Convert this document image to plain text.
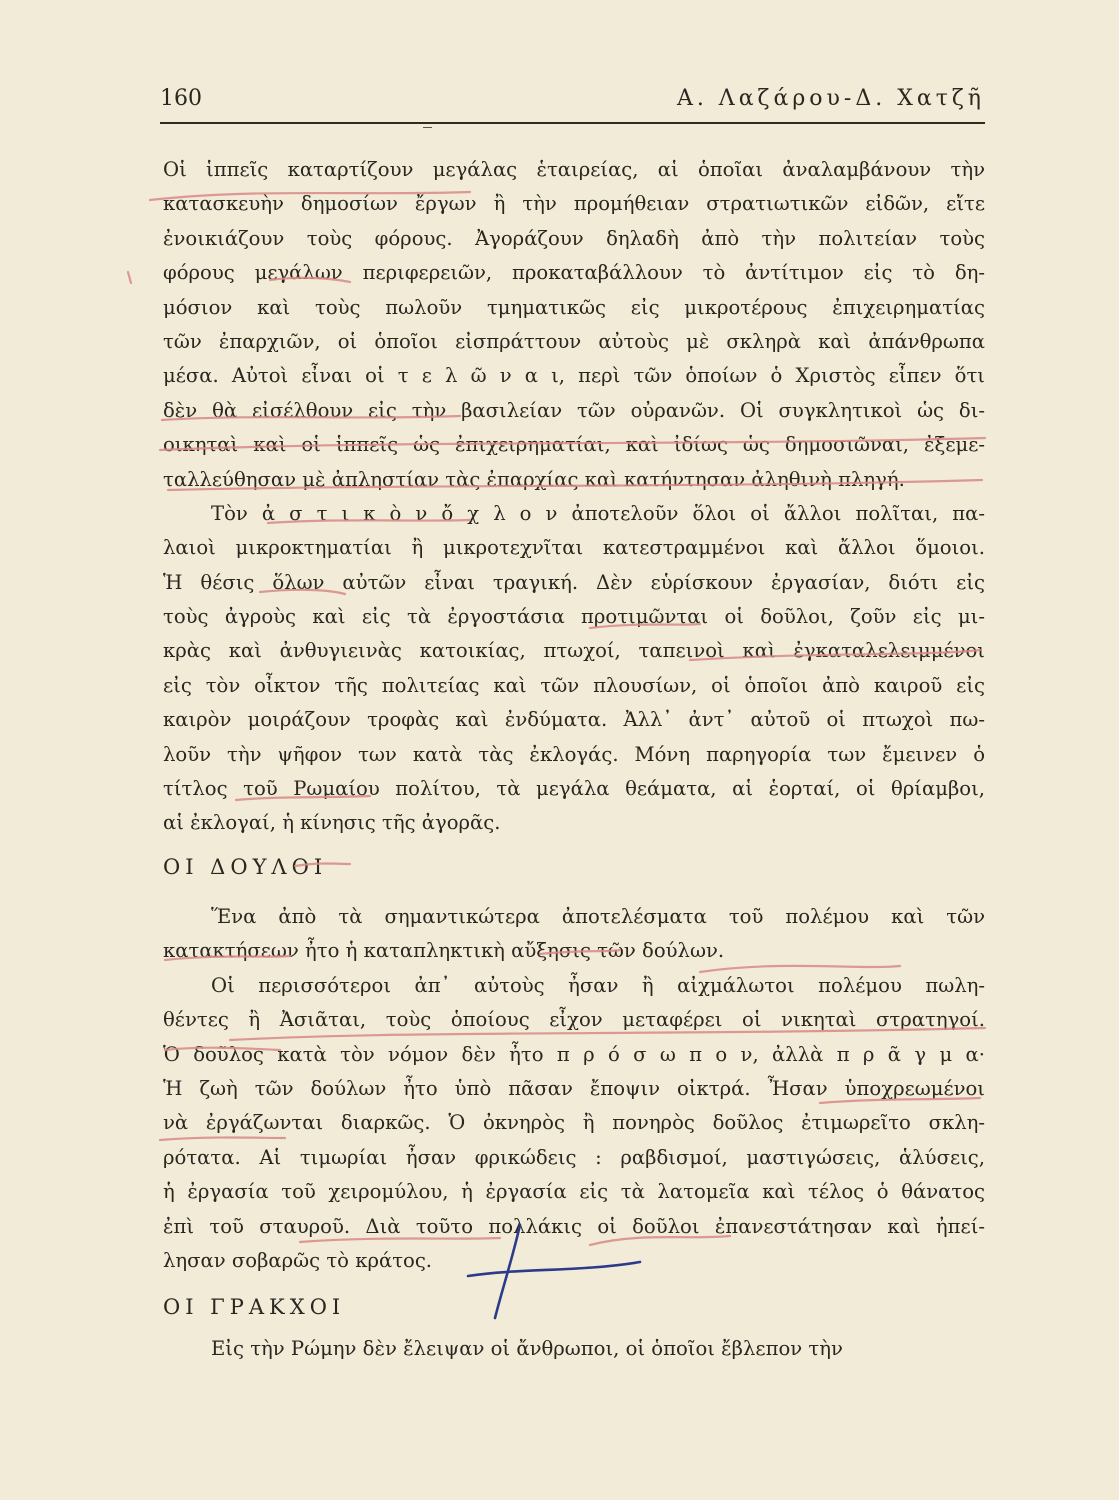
160	Α. Λαζάρου-Δ. Χατζῆ
Οἱ ἱππεῖς καταρτίζουν μεγάλας ἑταιρείας, αἱ ὁποῖαι ἀναλαμβάνουν τὴν
κατασκευὴν δημοσίων ἔργων ἢ τὴν προμήθειαν στρατιωτικῶν εἰδῶν, εἴτε
ἐνοικιάζουν τοὺς φόρους. Ἀγοράζουν δηλαδὴ ἀπὸ τὴν πολιτείαν τοὺς
φόρους μεγάλων περιφερειῶν, προκαταβάλλουν τὸ ἀντίτιμον εἰς τὸ δη-
μόσιον καὶ τοὺς πωλοῦν τμηματικῶς εἰς μικροτέρους ἐπιχειρηματίας
τῶν ἐπαρχιῶν, οἱ ὁποῖοι εἰσπράττουν αὐτοὺς μὲ σκληρὰ καὶ ἀπάνθρωπα
μέσα. Αὐτοὶ εἶναι οἱ τ ε λ ῶ ν α ι, περὶ τῶν ὁποίων ὁ Χριστὸς εἶπεν ὅτι
δὲν θὰ εἰσέλθουν εἰς τὴν βασιλείαν τῶν οὐρανῶν. Οἱ συγκλητικοὶ ὡς δι-
οικηταὶ καὶ οἱ ἱππεῖς ὡς ἐπιχειρηματίαι, καὶ ἰδίως ὡς δημοσιῶναι, ἐξεμε-
ταλλεύθησαν μὲ ἀπληστίαν τὰς ἐπαρχίας καὶ κατήντησαν ἀληθινὴ πληγή.
Τὸν ἀ σ τ ι κ ὸ ν ὄ χ λ ο ν ἀποτελοῦν ὅλοι οἱ ἄλλοι πολῖται, πα-
λαιοὶ μικροκτηματίαι ἢ μικροτεχνῖται κατεστραμμένοι καὶ ἄλλοι ὅμοιοι.
Ἡ θέσις ὅλων αὐτῶν εἶναι τραγική. Δὲν εὑρίσκουν ἐργασίαν, διότι εἰς
τοὺς ἀγροὺς καὶ εἰς τὰ ἐργοστάσια προτιμῶνται οἱ δοῦλοι, ζοῦν εἰς μι-
κρὰς καὶ ἀνθυγιεινὰς κατοικίας, πτωχοί, ταπεινοὶ καὶ ἐγκαταλελειμμένοι
εἰς τὸν οἶκτον τῆς πολιτείας καὶ τῶν πλουσίων, οἱ ὁποῖοι ἀπὸ καιροῦ εἰς
καιρὸν μοιράζουν τροφὰς καὶ ἐνδύματα. Ἀλλ᾽ ἀντ᾽ αὐτοῦ οἱ πτωχοὶ πω-
λοῦν τὴν ψῆφον των κατὰ τὰς ἐκλογάς. Μόνη παρηγορία των ἔμεινεν ὁ
τίτλος τοῦ Ρωμαίου πολίτου, τὰ μεγάλα θεάματα, αἱ ἑορταί, οἱ θρίαμβοι,
αἱ ἐκλογαί, ἡ κίνησις τῆς ἀγορᾶς.
ΟΙ ΔΟΥΛΟΙ
Ἕνα ἀπὸ τὰ σημαντικώτερα ἀποτελέσματα τοῦ πολέμου καὶ τῶν
κατακτήσεων ἦτο ἡ καταπληκτικὴ αὔξησις τῶν δούλων.
Οἱ περισσότεροι ἀπ᾽ αὐτοὺς ἦσαν ἢ αἰχμάλωτοι πολέμου πωλη-
θέντες ἢ Ἀσιᾶται, τοὺς ὁποίους εἶχον μεταφέρει οἱ νικηταὶ στρατηγοί.
Ὁ δοῦλος κατὰ τὸν νόμον δὲν ἦτο π ρ ό σ ω π ο ν, ἀλλὰ π ρ ᾶ γ μ α·
Ἡ ζωὴ τῶν δούλων ἦτο ὑπὸ πᾶσαν ἔποψιν οἰκτρά. Ἦσαν ὑποχρεωμένοι
νὰ ἐργάζωνται διαρκῶς. Ὁ ὀκνηρὸς ἢ πονηρὸς δοῦλος ἐτιμωρεῖτο σκλη-
ρότατα. Αἱ τιμωρίαι ἦσαν φρικώδεις : ραβδισμοί, μαστιγώσεις, ἁλύσεις,
ἡ ἐργασία τοῦ χειρομύλου, ἡ ἐργασία εἰς τὰ λατομεῖα καὶ τέλος ὁ θάνατος
ἐπὶ τοῦ σταυροῦ. Διὰ τοῦτο πολλάκις οἱ δοῦλοι ἐπανεστάτησαν καὶ ἠπεί-
λησαν σοβαρῶς τὸ κράτος.
ΟΙ ΓΡΑΚΧΟΙ
Εἰς τὴν Ρώμην δὲν ἔλειψαν οἱ ἄνθρωποι, οἱ ὁποῖοι ἔβλεπον τὴν
